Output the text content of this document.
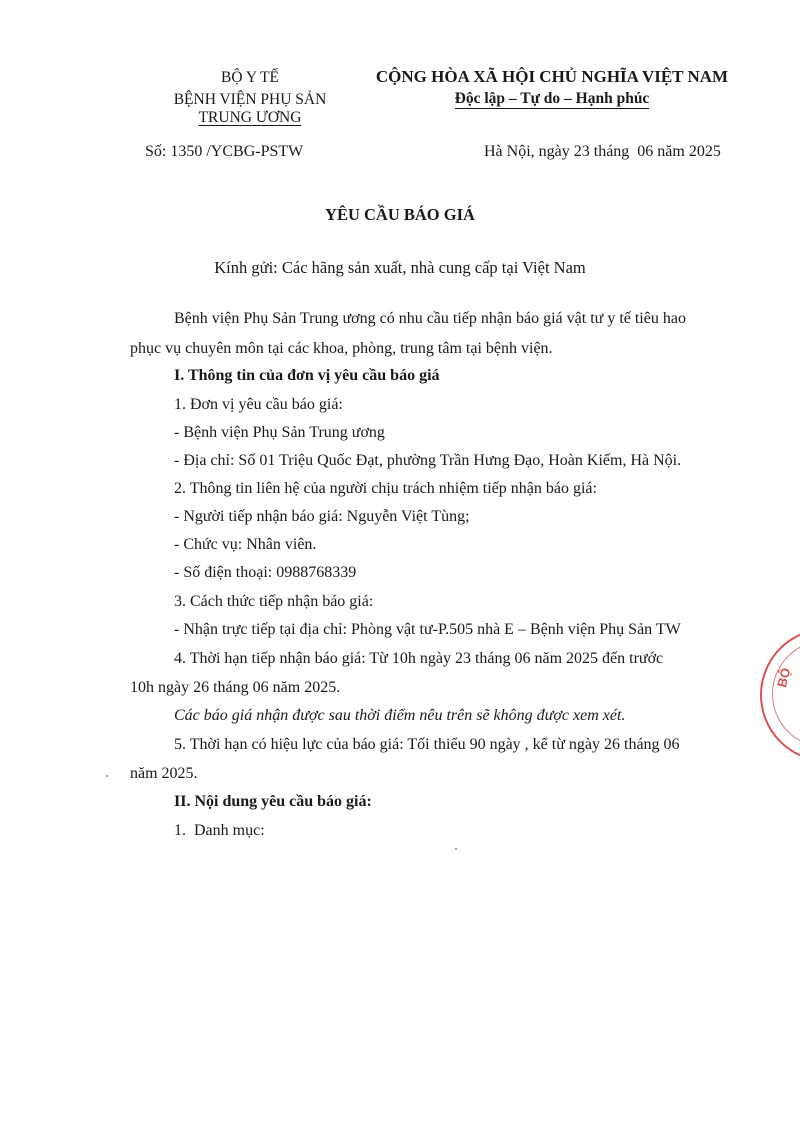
BỘ Y TẾ
BỆNH VIỆN PHỤ SẢN
TRUNG ƯƠNG
CỘNG HÒA XÃ HỘI CHỦ NGHĨA VIỆT NAM
Độc lập – Tự do – Hạnh phúc
Số: 1350 /YCBG-PSTW	Hà Nội, ngày 23 tháng  06 năm 2025
YÊU CẦU BÁO GIÁ
Kính gửi: Các hãng sản xuất, nhà cung cấp tại Việt Nam
Bệnh viện Phụ Sản Trung ương có nhu cầu tiếp nhận báo giá vật tư y tế tiêu hao
phục vụ chuyên môn tại các khoa, phòng, trung tâm tại bệnh viện.
I. Thông tin của đơn vị yêu cầu báo giá
1. Đơn vị yêu cầu báo giá:
- Bệnh viện Phụ Sản Trung ương
- Địa chỉ: Số 01 Triệu Quốc Đạt, phường Trần Hưng Đạo, Hoàn Kiếm, Hà Nội.
2. Thông tin liên hệ của người chịu trách nhiệm tiếp nhận báo giá:
- Người tiếp nhận báo giá: Nguyễn Việt Tùng;
- Chức vụ: Nhân viên.
- Số điện thoại: 0988768339
3. Cách thức tiếp nhận báo giá:
- Nhận trực tiếp tại địa chỉ: Phòng vật tư-P.505 nhà E – Bệnh viện Phụ Sản TW
4. Thời hạn tiếp nhận báo giá: Từ 10h ngày 23 tháng 06 năm 2025 đến trước
10h ngày 26 tháng 06 năm 2025.
Các báo giá nhận được sau thời điểm nêu trên sẽ không được xem xét.
5. Thời hạn có hiệu lực của báo giá: Tối thiểu 90 ngày , kể từ ngày 26 tháng 06
năm 2025.
II. Nội dung yêu cầu báo giá:
1.  Danh mục:
BỘ
